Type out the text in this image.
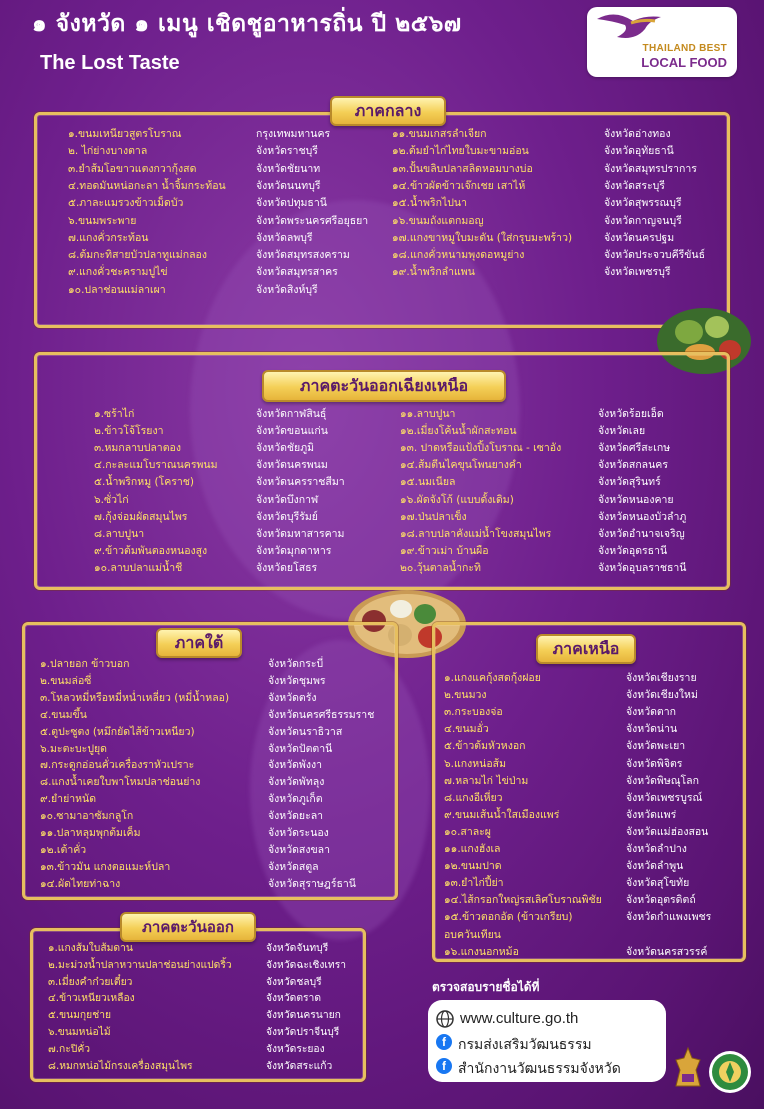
๑ จังหวัด ๑ เมนู เชิดชูอาหารถิ่น ปี ๒๕๖๗
The Lost Taste
THAILAND BEST
LOCAL FOOD
ภาคกลาง
๑.ขนมเหนียวสูตรโบราณ	กรุงเทพมหานคร
๒. ไก่ย่างบางตาล	จังหวัดราชบุรี
๓.ยำส้มโอขาวแตงกวากุ้งสด	จังหวัดชัยนาท
๔.ทอดมันหน่อกะลา น้ำจิ้มกระท้อน	จังหวัดนนทบุรี
๕.ภาละแมรวงข้าวเม็ดบัว	จังหวัดปทุมธานี
๖.ขนมพระพาย	จังหวัดพระนครศรีอยุธยา
๗.แกงคั่วกระท้อน	จังหวัดลพบุรี
๘.ต้มกะทิสายบัวปลาทูแม่กลอง	จังหวัดสมุทรสงคราม
๙.แกงคั่วชะครามปูไข่	จังหวัดสมุทรสาคร
๑๐.ปลาช่อนแม่ลาเผา	จังหวัดสิงห์บุรี
๑๑.ขนมเกสรลำเจียก	จังหวัดอ่างทอง
๑๒.ต้มยำไก่ไทยใบมะขามอ่อน	จังหวัดอุทัยธานี
๑๓.ปั้นขลิบปลาสลิดหอมบางบ่อ	จังหวัดสมุทรปราการ
๑๔.ข้าวผัดข้าวเจ๊กเชย เสาไห้	จังหวัดสระบุรี
๑๕.น้ำพริกไปนา	จังหวัดสุพรรณบุรี
๑๖.ขนมถังแตกมอญ	จังหวัดกาญจนบุรี
๑๗.แกงขาหมูใบมะดัน (ใส่กรุบมะพร้าว)	จังหวัดนครปฐม
๑๘.แกงคั่วหนามพุงดอหมูย่าง	จังหวัดประจวบคีรีขันธ์
๑๙.น้ำพริกลำแพน	จังหวัดเพชรบุรี
ภาคตะวันออกเฉียงเหนือ
๑.ซร้าไก่	จังหวัดกาฬสินธุ์
๒.ข้าวโจ้โรยงา	จังหวัดขอนแก่น
๓.หมกลาบปลาตอง	จังหวัดชัยภูมิ
๔.กะละแมโบราณนครพนม	จังหวัดนครพนม
๕.น้ำพริกหมู (โคราช)	จังหวัดนครราชสีมา
๖.ซั่วไก่	จังหวัดบึงกาฬ
๗.กุ้งจ่อมผัดสมุนไพร	จังหวัดบุรีรัมย์
๘.ลาบปูนา	จังหวัดมหาสารคาม
๙.ข้าวต้มพันตองหนองสูง	จังหวัดมุกดาหาร
๑๐.ลาบปลาแม่น้ำชี	จังหวัดยโสธร
๑๑.ลาบปูนา	จังหวัดร้อยเอ็ด
๑๒.เมี่ยงโค้นน้ำผักสะทอน	จังหวัดเลย
๑๓. ปาดหรือแป้งปิ้งโบราณ - เซาอัง	จังหวัดศรีสะเกษ
๑๔.ส้มตีนไคขุนโพนยางคำ	จังหวัดสกลนคร
๑๕.นมเนียล	จังหวัดสุรินทร์
๑๖.ผัดจังโก้ (แบบดั้งเดิม)	จังหวัดหนองคาย
๑๗.ป่นปลาเข็ง	จังหวัดหนองบัวลำภู
๑๘.ลาบปลาคังแม่น้ำโขงสมุนไพร	จังหวัดอำนาจเจริญ
๑๙.ข้าวเม่า บ้านผือ	จังหวัดอุดรธานี
๒๐.วุ้นตาลน้ำกะทิ	จังหวัดอุบลราชธานี
ภาคใต้
๑.ปลายอก ข้าวบอก	จังหวัดกระบี่
๒.ขนมล่อซี่	จังหวัดชุมพร
๓.โหลวหมี่หรือหมี่หน่ำเหลี่ยว (หมี่น้ำหลอ)	จังหวัดตรัง
๔.ขนมขึ้น	จังหวัดนครศรีธรรมราช
๕.ตูปะซูตง (หมึกยัดไส้ข้าวเหนียว)	จังหวัดนราธิวาส
๖.มะตะบะปูยุด	จังหวัดปัตตานี
๗.กระดูกอ่อนคั่วเครื่องราหัวเปราะ	จังหวัดพังงา
๘.แกงน้ำเคยใบพาโหมปลาช่อนย่าง	จังหวัดพัทลุง
๙.ยำย่าหนัด	จังหวัดภูเก็ต
๑๐.ซามาอาซัมกลูโก	จังหวัดยะลา
๑๑.ปลาหลุมพุกต้มเค็ม	จังหวัดระนอง
๑๒.เต้าคั่ว	จังหวัดสงขลา
๑๓.ข้าวมัน แกงตอแมะห์ปลา	จังหวัดสตูล
๑๔.ผัดไทยท่าฉาง	จังหวัดสุราษฎร์ธานี
ภาคเหนือ
๑.แกงแคกุ้งสดกุ้งฝอย	จังหวัดเชียงราย
๒.ขนมวง	จังหวัดเชียงใหม่
๓.กระบองจ่อ	จังหวัดตาก
๔.ขนมอั่ว	จังหวัดน่าน
๕.ข้าวต้มหัวหงอก	จังหวัดพะเยา
๖.แกงหน่อส้ม	จังหวัดพิจิตร
๗.หลามไก่ ไข่ป่าม	จังหวัดพิษณุโลก
๘.แกงอีเหี่ยว	จังหวัดเพชรบูรณ์
๙.ขนมเส้นน้ำใสเมืองแพร่	จังหวัดแพร่
๑๐.สาละผู	จังหวัดแม่ฮ่องสอน
๑๑.แกงฮังเล	จังหวัดลำปาง
๑๒.ขนมปาด	จังหวัดลำพูน
๑๓.ยำไก่ปี้ย่า	จังหวัดสุโขทัย
๑๔.ไส้กรอกใหญ่รสเลิศโบราณพิชัย จังหวัดอุตรดิตถ์
๑๕.ข้าวตอกอัด (ข้าวเกรียบ)	จังหวัดกำแพงเพชร
อบควันเทียน
๑๖.แกงนอกหม้อ	จังหวัดนครสวรรค์
ภาคตะวันออก
๑.แกงส้มใบส้มดาน	จังหวัดจันทบุรี
๒.มะม่วงน้ำปลาหวานปลาช่อนย่างแปดริ้ว	จังหวัดฉะเชิงเทรา
๓.เมี่ยงคำก๋วยเตี๋ยว	จังหวัดชลบุรี
๔.ข้าวเหนียวเหลือง	จังหวัดตราด
๕.ขนมกุยช่าย	จังหวัดนครนายก
๖.ขนมหน่อไม้	จังหวัดปราจีนบุรี
๗.กะปิคั่ว	จังหวัดระยอง
๘.หมกหน่อไม้กรงเครื่องสมุนไพร	จังหวัดสระแก้ว
ตรวจสอบรายชื่อได้ที่
www.culture.go.th
f กรมส่งเสริมวัฒนธรรม
f สำนักงานวัฒนธรรมจังหวัด
